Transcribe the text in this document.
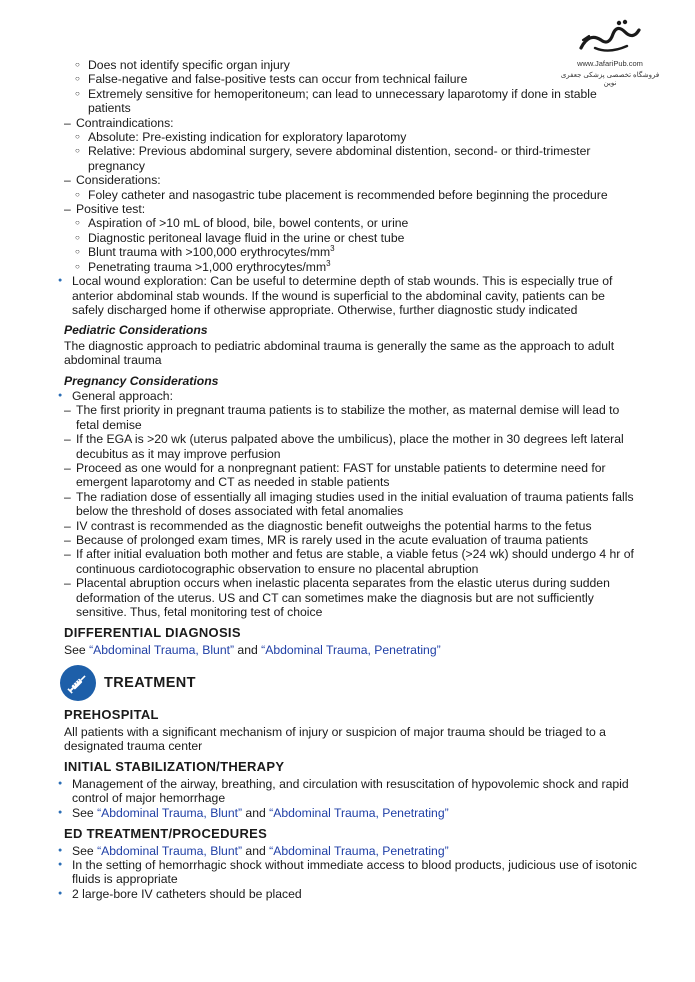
www.JafariPub.com
فروشگاه تخصصی پزشکی جعفری نوین
○ Does not identify specific organ injury
○ False-negative and false-positive tests can occur from technical failure
○ Extremely sensitive for hemoperitoneum; can lead to unnecessary laparotomy if done in stable patients
– Contraindications:
○ Absolute: Pre-existing indication for exploratory laparotomy
○ Relative: Previous abdominal surgery, severe abdominal distention, second- or third-trimester pregnancy
– Considerations:
○ Foley catheter and nasogastric tube placement is recommended before beginning the procedure
– Positive test:
○ Aspiration of >10 mL of blood, bile, bowel contents, or urine
○ Diagnostic peritoneal lavage fluid in the urine or chest tube
○ Blunt trauma with >100,000 erythrocytes/$mm^3$
○ Penetrating trauma >1,000 erythrocytes/$mm^3$
● Local wound exploration: Can be useful to determine depth of stab wounds. This is especially true of anterior abdominal stab wounds. If the wound is superficial to the abdominal cavity, patients can be safely discharged home if otherwise appropriate. Otherwise, further diagnostic study indicated
Pediatric Considerations
The diagnostic approach to pediatric abdominal trauma is generally the same as the approach to adult abdominal trauma
Pregnancy Considerations
● General approach:
– The first priority in pregnant trauma patients is to stabilize the mother, as maternal demise will lead to fetal demise
– If the EGA is >20 wk (uterus palpated above the umbilicus), place the mother in 30 degrees left lateral decubitus as it may improve perfusion
– Proceed as one would for a nonpregnant patient: FAST for unstable patients to determine need for emergent laparotomy and CT as needed in stable patients
– The radiation dose of essentially all imaging studies used in the initial evaluation of trauma patients falls below the threshold of doses associated with fetal anomalies
– IV contrast is recommended as the diagnostic benefit outweighs the potential harms to the fetus
– Because of prolonged exam times, MR is rarely used in the acute evaluation of trauma patients
– If after initial evaluation both mother and fetus are stable, a viable fetus (>24 wk) should undergo 4 hr of continuous cardiotocographic observation to ensure no placental abruption
– Placental abruption occurs when inelastic placenta separates from the elastic uterus during sudden deformation of the uterus. US and CT can sometimes make the diagnosis but are not sufficiently sensitive. Thus, fetal monitoring test of choice
DIFFERENTIAL DIAGNOSIS
See “Abdominal Trauma, Blunt” and “Abdominal Trauma, Penetrating”
TREATMENT
PREHOSPITAL
All patients with a significant mechanism of injury or suspicion of major trauma should be triaged to a designated trauma center
INITIAL STABILIZATION/THERAPY
● Management of the airway, breathing, and circulation with resuscitation of hypovolemic shock and rapid control of major hemorrhage
● See “Abdominal Trauma, Blunt” and “Abdominal Trauma, Penetrating”
ED TREATMENT/PROCEDURES
● See “Abdominal Trauma, Blunt” and “Abdominal Trauma, Penetrating”
● In the setting of hemorrhagic shock without immediate access to blood products, judicious use of isotonic fluids is appropriate
● 2 large-bore IV catheters should be placed
